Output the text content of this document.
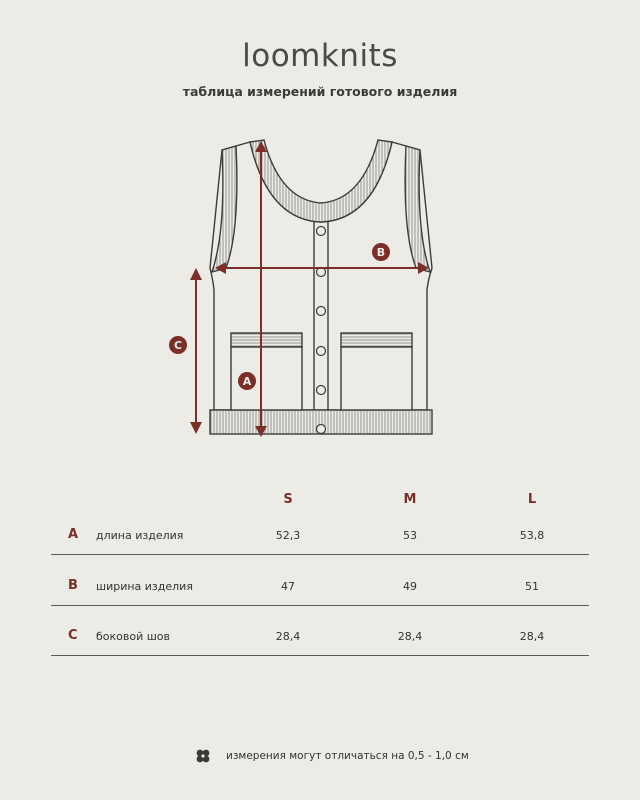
loomknits
таблица измерений готового изделия
A
B
C
S	M	L
A длина изделия	52,3	53	53,8
B ширина изделия	47	49	51
C боковой шов	28,4	28,4	28,4
измерения могут отличаться на 0,5 - 1,0 см
